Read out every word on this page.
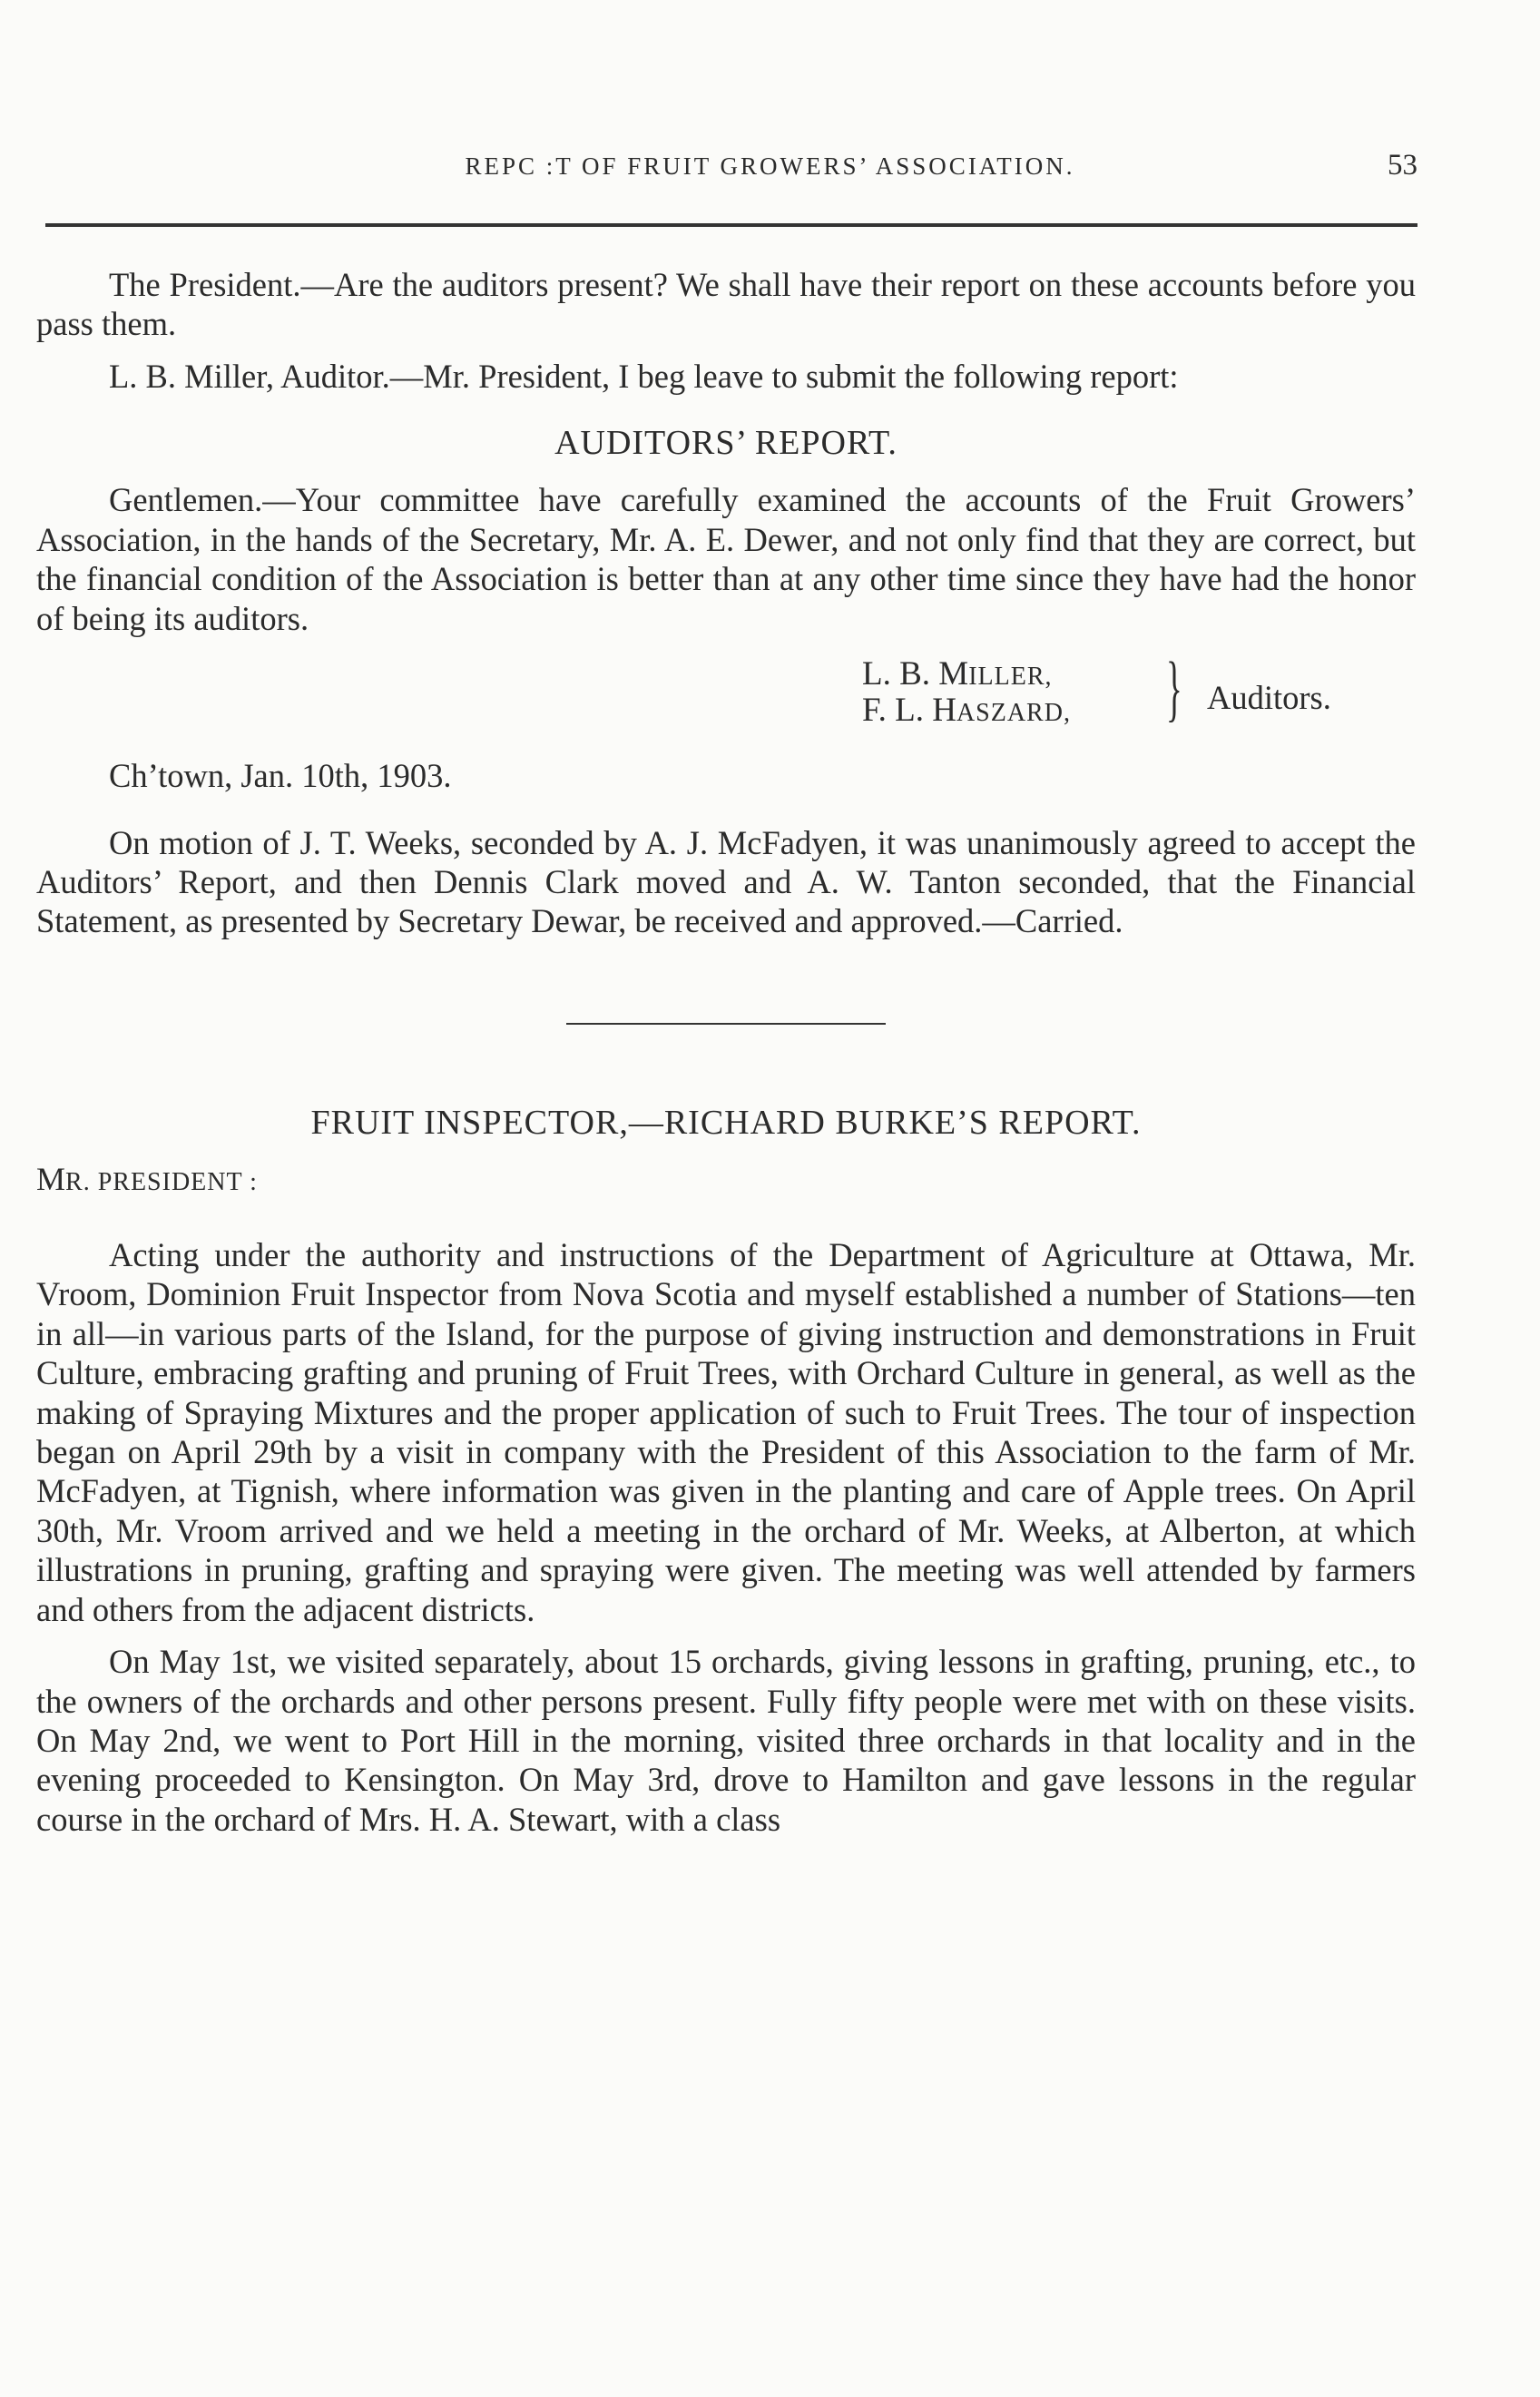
REPC :T OF FRUIT GROWERS’ ASSOCIATION.	53

The President.—Are the auditors present? We shall have their report on these accounts before you pass them.

L. B. Miller, Auditor.—Mr. President, I beg leave to submit the following report:

AUDITORS’ REPORT.

Gentlemen.—Your committee have carefully examined the accounts of the Fruit Growers’ Association, in the hands of the Secretary, Mr. A. E. Dewer, and not only find that they are correct, but the financial condition of the Association is better than at any other time since they have had the honor of being its auditors.

L. B. MILLER,
F. L. HASZARD, } Auditors.

Ch’town, Jan. 10th, 1903.

On motion of J. T. Weeks, seconded by A. J. McFadyen, it was unanimously agreed to accept the Auditors’ Report, and then Dennis Clark moved and A. W. Tanton seconded, that the Financial Statement, as presented by Secretary Dewar, be received and approved.—Carried.

FRUIT INSPECTOR,—RICHARD BURKE’S REPORT.
MR. PRESIDENT :

Acting under the authority and instructions of the Department of Agriculture at Ottawa, Mr. Vroom, Dominion Fruit Inspector from Nova Scotia and myself established a number of Stations—ten in all—in various parts of the Island, for the purpose of giving instruction and demonstrations in Fruit Culture, embracing grafting and pruning of Fruit Trees, with Orchard Culture in general, as well as the making of Spraying Mixtures and the proper application of such to Fruit Trees. The tour of inspection began on April 29th by a visit in company with the President of this Association to the farm of Mr. McFadyen, at Tignish, where information was given in the planting and care of Apple trees. On April 30th, Mr. Vroom arrived and we held a meeting in the orchard of Mr. Weeks, at Alberton, at which illustrations in pruning, grafting and spraying were given. The meeting was well attended by farmers and others from the adjacent districts.

On May 1st, we visited separately, about 15 orchards, giving lessons in grafting, pruning, etc., to the owners of the orchards and other persons present. Fully fifty people were met with on these visits. On May 2nd, we went to Port Hill in the morning, visited three orchards in that locality and in the evening proceeded to Kensington. On May 3rd, drove to Hamilton and gave lessons in the regular course in the orchard of Mrs. H. A. Stewart, with a class
